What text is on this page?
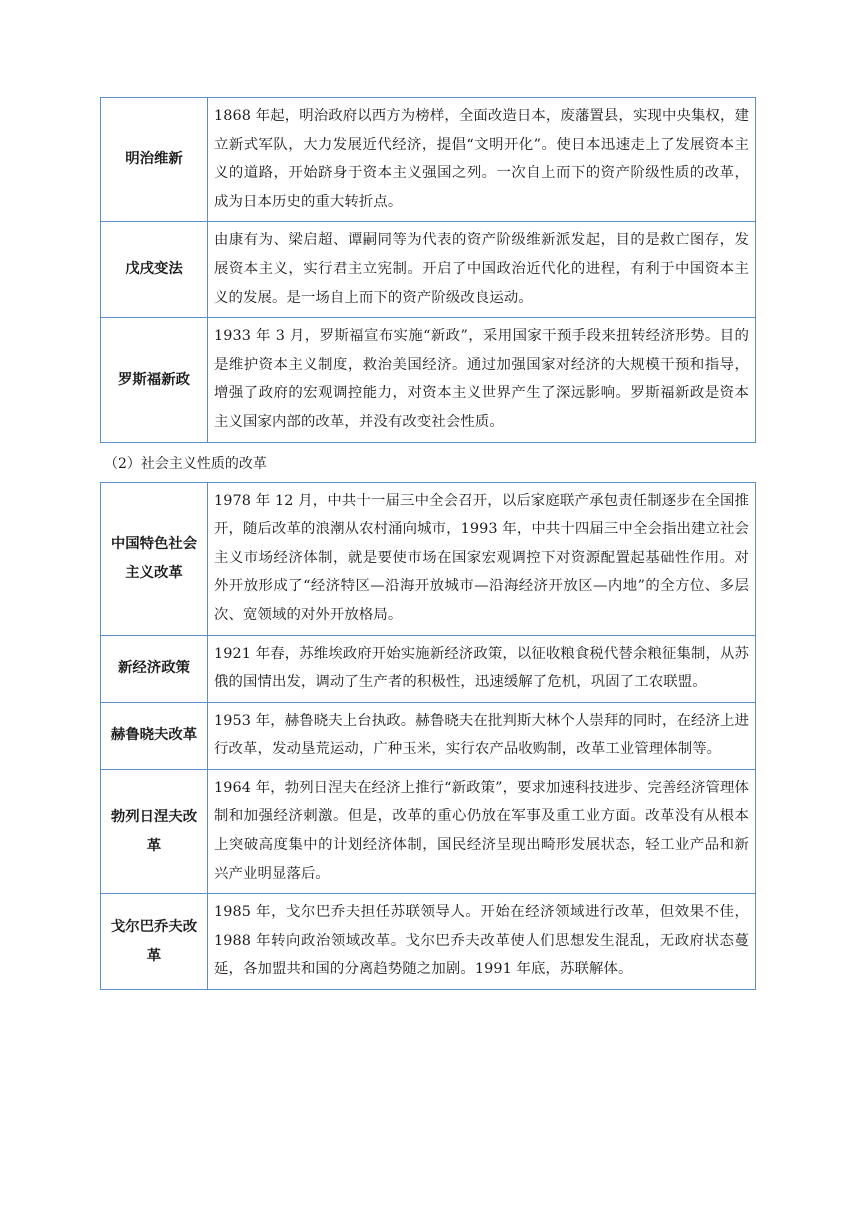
明治维新	1868 年起，明治政府以西方为榜样，全面改造日本，废藩置县，实现中央集权，建立新式军队，大力发展近代经济，提倡“文明开化”。使日本迅速走上了发展资本主义的道路，开始跻身于资本主义强国之列。一次自上而下的资产阶级性质的改革，成为日本历史的重大转折点。
戊戌变法	由康有为、梁启超、谭嗣同等为代表的资产阶级维新派发起，目的是救亡图存，发展资本主义，实行君主立宪制。开启了中国政治近代化的进程，有利于中国资本主义的发展。是一场自上而下的资产阶级改良运动。
罗斯福新政	1933 年 3 月，罗斯福宣布实施“新政”，采用国家干预手段来扭转经济形势。目的是维护资本主义制度，救治美国经济。通过加强国家对经济的大规模干预和指导，增强了政府的宏观调控能力，对资本主义世界产生了深远影响。罗斯福新政是资本主义国家内部的改革，并没有改变社会性质。
（2）社会主义性质的改革
中国特色社会主义改革	1978 年 12 月，中共十一届三中全会召开，以后家庭联产承包责任制逐步在全国推开，随后改革的浪潮从农村涌向城市，1993 年，中共十四届三中全会指出建立社会主义市场经济体制，就是要使市场在国家宏观调控下对资源配置起基础性作用。对外开放形成了“经济特区—沿海开放城市—沿海经济开放区—内地”的全方位、多层次、宽领域的对外开放格局。
新经济政策	1921 年春，苏维埃政府开始实施新经济政策，以征收粮食税代替余粮征集制，从苏俄的国情出发，调动了生产者的积极性，迅速缓解了危机，巩固了工农联盟。
赫鲁晓夫改革	1953 年，赫鲁晓夫上台执政。赫鲁晓夫在批判斯大林个人崇拜的同时，在经济上进行改革，发动垦荒运动，广种玉米，实行农产品收购制，改革工业管理体制等。
勃列日涅夫改革	1964 年，勃列日涅夫在经济上推行“新政策”，要求加速科技进步、完善经济管理体制和加强经济刺激。但是，改革的重心仍放在军事及重工业方面。改革没有从根本上突破高度集中的计划经济体制，国民经济呈现出畸形发展状态，轻工业产品和新兴产业明显落后。
戈尔巴乔夫改革	1985 年，戈尔巴乔夫担任苏联领导人。开始在经济领域进行改革，但效果不佳，1988 年转向政治领域改革。戈尔巴乔夫改革使人们思想发生混乱，无政府状态蔓延，各加盟共和国的分离趋势随之加剧。1991 年底，苏联解体。
